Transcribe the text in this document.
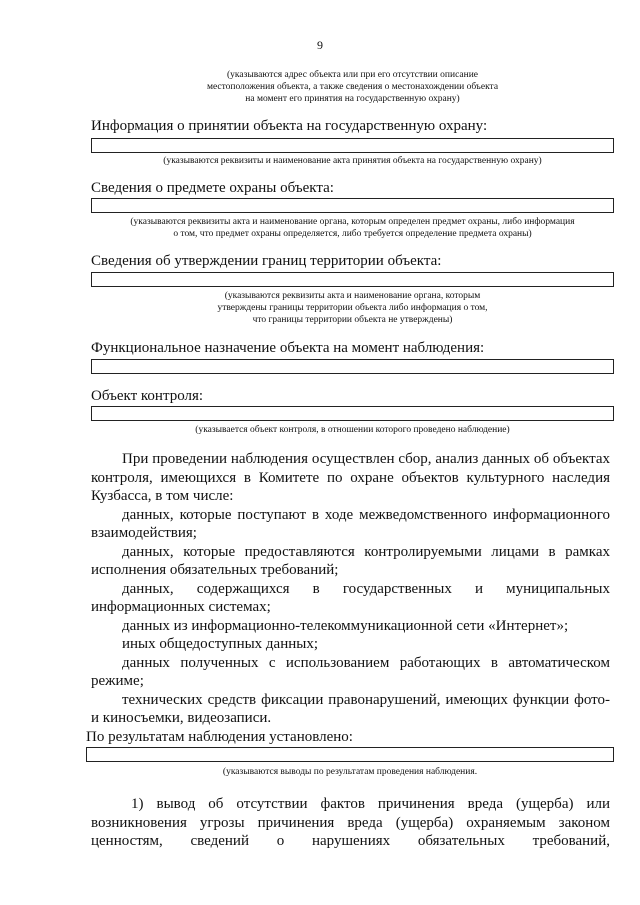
9
(указываются адрес объекта или при его отсутствии описание
местоположения объекта, а также сведения о местонахождении объекта
на момент его принятия на государственную охрану)
Информация о принятии объекта на государственную охрану:
(указываются реквизиты и наименование акта принятия объекта на государственную охрану)
Сведения о предмете охраны объекта:
(указываются реквизиты акта и наименование органа, которым определен предмет охраны, либо информация
о том, что предмет охраны определяется, либо требуется определение предмета охраны)
Сведения об утверждении границ территории объекта:
(указываются реквизиты акта и наименование органа, которым
утверждены границы территории объекта либо информация о том,
что границы территории объекта не утверждены)
Функциональное назначение объекта на момент наблюдения:
Объект контроля:
(указывается объект контроля, в отношении которого проведено наблюдение)
При проведении наблюдения осуществлен сбор, анализ данных об объектах контроля, имеющихся в Комитете по охране объектов культурного наследия Кузбасса, в том числе:
данных, которые поступают в ходе межведомственного информационного взаимодействия;
данных, которые предоставляются контролируемыми лицами в рамках исполнения обязательных требований;
данных, содержащихся в государственных и муниципальных информационных системах;
данных из информационно-телекоммуникационной сети «Интернет»;
иных общедоступных данных;
данных полученных с использованием работающих в автоматическом режиме;
технических средств фиксации правонарушений, имеющих функции фото- и киносъемки, видеозаписи.
По результатам наблюдения установлено:
(указываются выводы по результатам проведения наблюдения.
1) вывод об отсутствии фактов причинения вреда (ущерба) или возникновения угрозы причинения вреда (ущерба) охраняемым законом ценностям, сведений о нарушениях обязательных требований,
